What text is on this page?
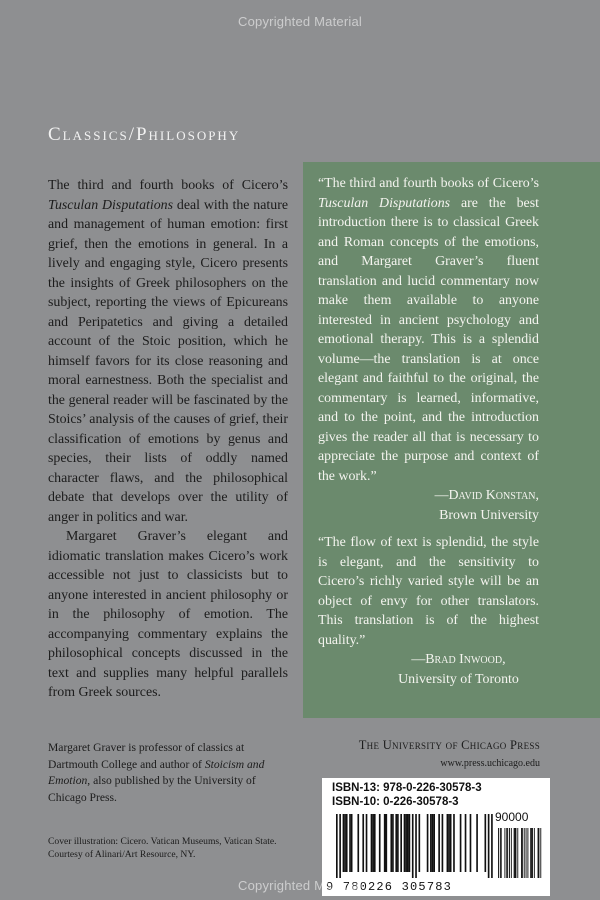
Copyrighted Material
Classics/Philosophy

The third and fourth books of Cicero’s Tusculan Disputations deal with the nature and management of human emotion: first grief, then the emotions in general. In a lively and engaging style, Cicero presents the insights of Greek philosophers on the subject, reporting the views of Epicureans and Peripatetics and giving a detailed account of the Stoic position, which he himself favors for its close reasoning and moral earnestness. Both the specialist and the general reader will be fascinated by the Stoics’ analysis of the causes of grief, their classification of emotions by genus and species, their lists of oddly named character flaws, and the philosophical debate that develops over the utility of anger in politics and war.

Margaret Graver’s elegant and idiomatic translation makes Cicero’s work accessible not just to classicists but to anyone interested in ancient philosophy or in the philosophy of emotion. The accompanying commentary explains the philosophical concepts discussed in the text and supplies many helpful parallels from Greek sources.

Margaret Graver is professor of classics at Dartmouth College and author of Stoicism and Emotion, also published by the University of Chicago Press.
Cover illustration: Cicero. Vatican Museums, Vatican State.
Courtesy of Alinari/Art Resource, NY.

“The third and fourth books of Cicero’s Tusculan Disputations are the best introduction there is to classical Greek and Roman concepts of the emotions, and Margaret Graver’s fluent translation and lucid commentary now make them available to anyone interested in ancient psychology and emotional therapy. This is a splendid volume—the translation is at once elegant and faithful to the original, the commentary is learned, informative, and to the point, and the introduction gives the reader all that is necessary to appreciate the purpose and context of the work.”

—David Konstan,

Brown University

“The flow of text is splendid, the style is elegant, and the sensitivity to Cicero’s richly varied style will be an object of envy for other translators. This translation is of the highest quality.”

—Brad Inwood,

University of Toronto

The University of Chicago Press
www.press.uchicago.edu
ISBN-13: 978-0-226-30578-3
ISBN-10: 0-226-30578-3
90000
9 780226 305783
Copyrighted Material
